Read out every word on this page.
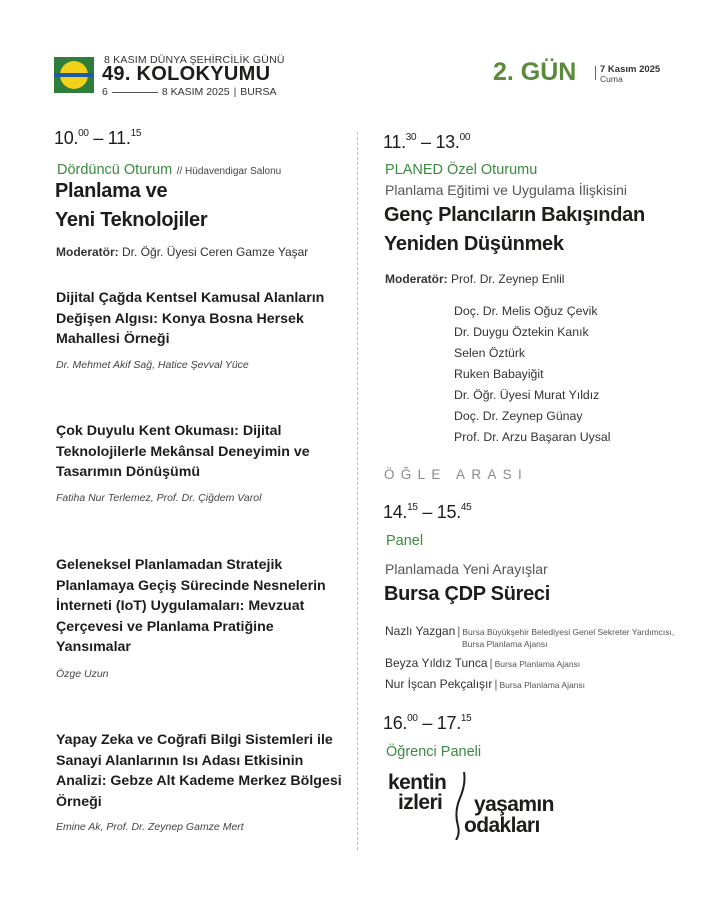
8 KASIM DÜNYA ŞEHİRCİLİK GÜNÜ
49. KOLOKYUMU
6	8 KASIM 2025 | BURSA
2. GÜN 7 Kasım 2025
Cuma
10.00 – 11.15
Dördüncü Oturum // Hüdavendigar Salonu
Planlama ve
Yeni Teknolojiler
Moderatör: Dr. Öğr. Üyesi Ceren Gamze Yaşar
Dijital Çağda Kentsel Kamusal Alanların Değişen Algısı: Konya Bosna Hersek Mahallesi Örneği
Dr. Mehmet Akif Sağ, Hatice Şevval Yüce
Çok Duyulu Kent Okuması: Dijital Teknolojilerle Mekânsal Deneyimin ve Tasarımın Dönüşümü
Fatiha Nur Terlemez, Prof. Dr. Çiğdem Varol
Geleneksel Planlamadan Stratejik Planlamaya Geçiş Sürecinde Nesnelerin İnterneti (IoT) Uygulamaları: Mevzuat Çerçevesi ve Planlama Pratiğine Yansımalar
Özge Uzun
Yapay Zeka ve Coğrafi Bilgi Sistemleri ile Sanayi Alanlarının Isı Adası Etkisinin Analizi: Gebze Alt Kademe Merkez Bölgesi Örneği
Emine Ak, Prof. Dr. Zeynep Gamze Mert
11.30 – 13.00
PLANED Özel Oturumu
Planlama Eğitimi ve Uygulama İlişkisini
Genç Plancıların Bakışından
Yeniden Düşünmek
Moderatör: Prof. Dr. Zeynep Enlil
Doç. Dr. Melis Oğuz Çevik
Dr. Duygu Öztekin Kanık
Selen Öztürk
Ruken Babayiğit
Dr. Öğr. Üyesi Murat Yıldız
Doç. Dr. Zeynep Günay
Prof. Dr. Arzu Başaran Uysal
ÖĞLE ARASI
14.15 – 15.45
Panel
Planlamada Yeni Arayışlar
Bursa ÇDP Süreci
Nazlı Yazgan | Bursa Büyükşehir Belediyesi Genel Sekreter Yardımcısı,
Bursa Planlama Ajansı
Beyza Yıldız Tunca | Bursa Planlama Ajansı
Nur İşcan Pekçalışır | Bursa Planlama Ajansı
16.00 – 17.15
Öğrenci Paneli
kentin
izleri yaşamın
odakları
